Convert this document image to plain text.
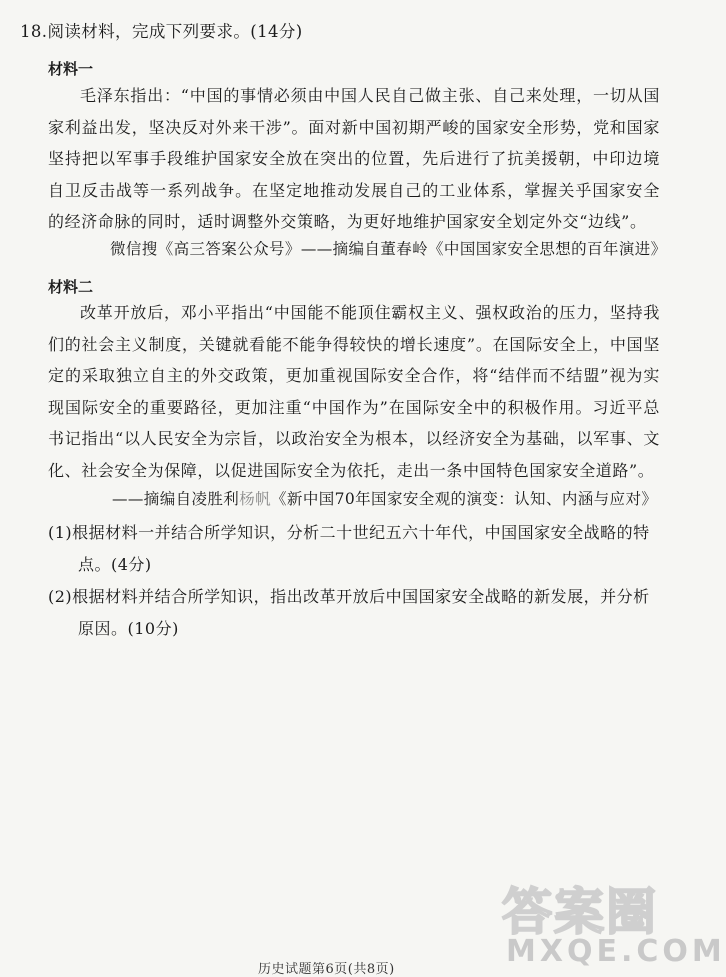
18.阅读材料，完成下列要求。(14分)
材料一
毛泽东指出：“中国的事情必须由中国人民自己做主张、自己来处理，一切从国家利益出发，坚决反对外来干涉”。面对新中国初期严峻的国家安全形势，党和国家坚持把以军事手段维护国家安全放在突出的位置，先后进行了抗美援朝，中印边境自卫反击战等一系列战争。在坚定地推动发展自己的工业体系，掌握关乎国家安全的经济命脉的同时，适时调整外交策略，为更好地维护国家安全划定外交“边线”。
微信搜《高三答案公众号》——摘编自董春岭《中国国家安全思想的百年演进》
材料二
改革开放后，邓小平指出“中国能不能顶住霸权主义、强权政治的压力，坚持我们的社会主义制度，关键就看能不能争得较快的增长速度”。在国际安全上，中国坚定的采取独立自主的外交政策，更加重视国际安全合作，将“结伴而不结盟”视为实现国际安全的重要路径，更加注重“中国作为”在国际安全中的积极作用。习近平总书记指出“以人民安全为宗旨，以政治安全为根本，以经济安全为基础，以军事、文化、社会安全为保障，以促进国际安全为依托，走出一条中国特色国家安全道路”。
——摘编自凌胜利杨帆《新中国70年国家安全观的演变：认知、内涵与应对》
(1)根据材料一并结合所学知识，分析二十世纪五六十年代，中国国家安全战略的特点。(4分)
(2)根据材料并结合所学知识，指出改革开放后中国国家安全战略的新发展，并分析原因。(10分)
答案圈
MXQE.COM
历史试题第6页(共8页)
